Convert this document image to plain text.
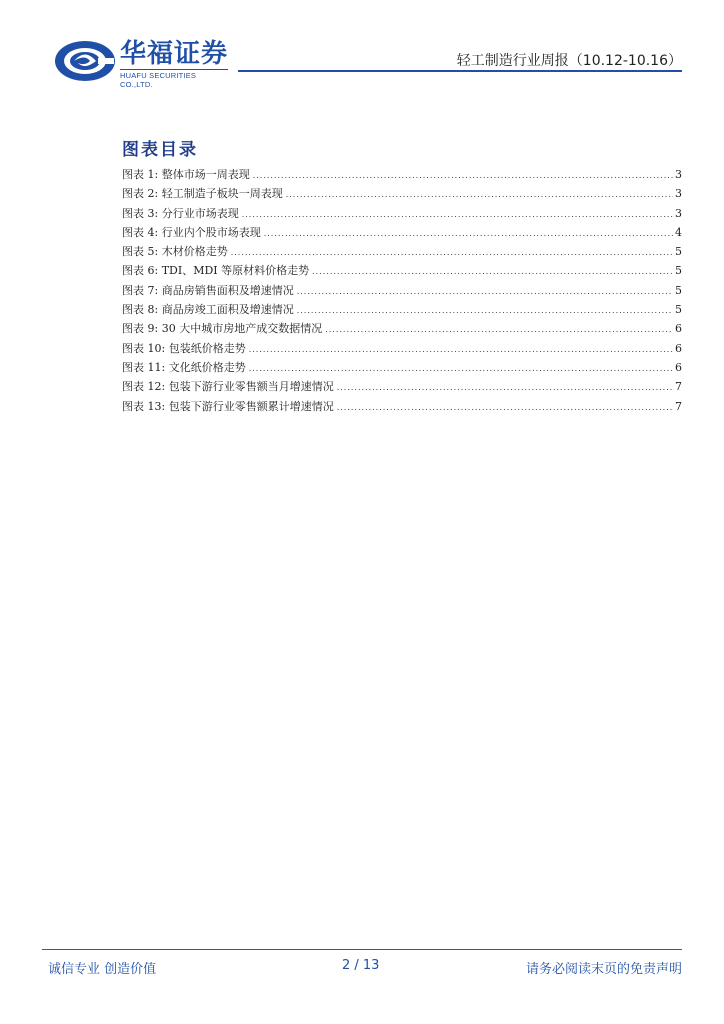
华福证券
HUAFU SECURITIES CO.,LTD.
轻工制造行业周报（10.12-10.16）
图表目录
图表 1: 整体市场一周表现 .....	3
图表 2: 轻工制造子板块一周表现 .....	3
图表 3: 分行业市场表现 .....	3
图表 4: 行业内个股市场表现 .....	4
图表 5: 木材价格走势 .....	5
图表 6: TDI、MDI 等原材料价格走势 .....	5
图表 7: 商品房销售面积及增速情况 .....	5
图表 8: 商品房竣工面积及增速情况 .....	5
图表 9: 30 大中城市房地产成交数据情况 .....	6
图表 10: 包装纸价格走势 .....	6
图表 11: 文化纸价格走势 .....	6
图表 12: 包装下游行业零售额当月增速情况 .....	7
图表 13: 包装下游行业零售额累计增速情况 .....	7
诚信专业 创造价值	2 / 13	请务必阅读末页的免责声明
